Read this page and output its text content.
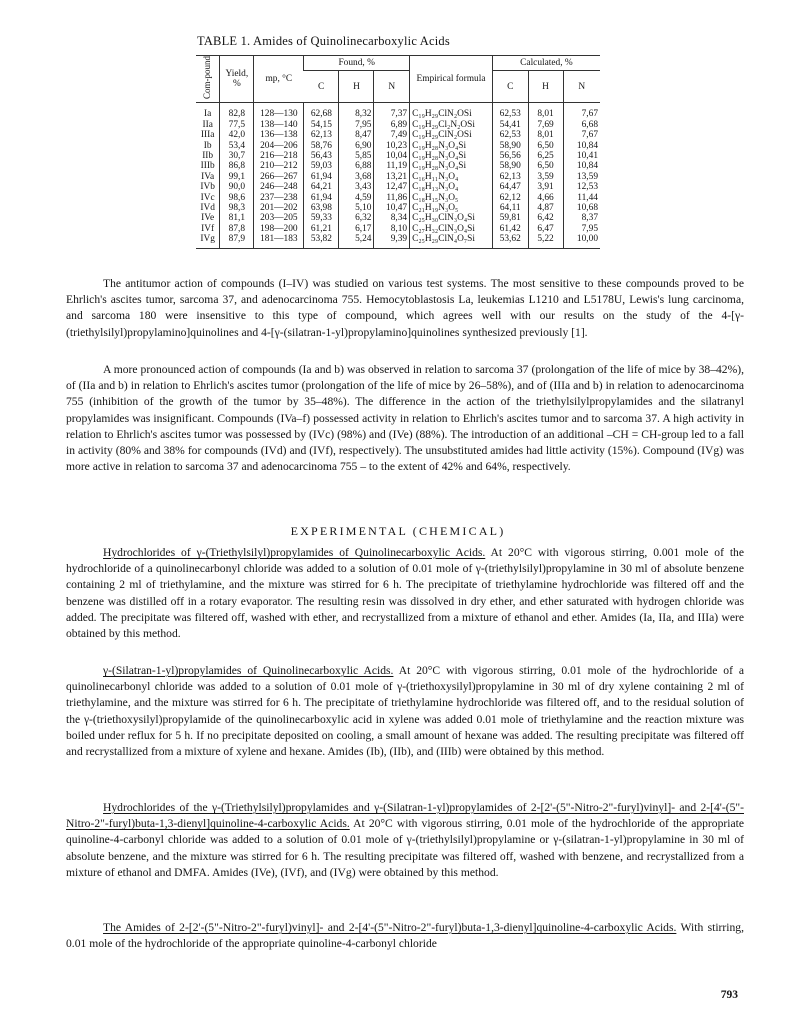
TABLE 1. Amides of Quinolinecarboxylic Acids
Com-pound	Yield, %	mp, °C	Found, %			Empirical formula	Calculated, %		
			C	H	N		C	H	N
Ia	82,8	128—130	62,68	8,32	7,37	C₁₉H₂₉ClN₂OSi	62,53	8,01	7,67
IIa	77,5	138—140	54,15	7,95	6,89	C₁₉H₂₉Cl₂N₂OSi	54,41	7,69	6,68
IIIa	42,0	136—138	62,13	8,47	7,49	C₁₉H₂₉ClN₂OSi	62,53	8,01	7,67
Ib	53,4	204—206	58,76	6,90	10,23	C₁₉H₂₈N₃O₄Si	58,90	6,50	10,84
IIb	30,7	216—218	56,43	5,85	10,04	C₁₉H₂₈N₃O₄Si	56,56	6,25	10,41
IIIb	86,8	210—212	59,03	6,88	11,19	C₁₉H₂₈N₃O₄Si	58,90	6,50	10,84
IVa	99,1	266—267	61,94	3,68	13,21	C₁₆H₁₁N₃O₄	62,13	3,59	13,59
IVb	90,0	246—248	64,21	3,43	12,47	C₁₈H₁₃N₃O₄	64,47	3,91	12,53
IVc	98,6	237—238	61,94	4,59	11,86	C₁₈H₁₅N₃O₅	62,12	4,66	11,44
IVd	98,3	201—202	63,98	5,10	10,47	C₂₁H₁₉N₃O₅	64,11	4,87	10,68
IVe	81,1	203—205	59,33	6,32	8,34	C₂₅H₃₀ClN₃O₄Si	59,81	6,42	8,37
IVf	87,8	198—200	61,21	6,17	8,10	C₂₇H₃₂ClN₃O₄Si	61,42	6,47	7,95
IVg	87,9	181—183	53,82	5,24	9,39	C₂₅H₂₉ClN₄O₇Si	53,62	5,22	10,00

The antitumor action of compounds (I–IV) was studied on various test systems. The most sensitive to these compounds proved to be Ehrlich's ascites tumor, sarcoma 37, and adenocarcinoma 755. Hemocytoblastosis La, leukemias L1210 and L5178U, Lewis's lung carcinoma, and sarcoma 180 were insensitive to this type of compound, which agrees well with our results on the study of the 4-[γ-(triethylsilyl)propylamino]quinolines and 4-[γ-(silatran-1-yl)propylamino]quinolines synthesized previously [1].

A more pronounced action of compounds (Ia and b) was observed in relation to sarcoma 37 (prolongation of the life of mice by 38–42%), of (IIa and b) in relation to Ehrlich's ascites tumor (prolongation of the life of mice by 26–58%), and of (IIIa and b) in relation to adenocarcinoma 755 (inhibition of the growth of the tumor by 35–48%). The difference in the action of the triethylsilylpropylamides and the silatranyl propylamides was insignificant. Compounds (IVa–f) possessed activity in relation to Ehrlich's ascites tumor and to sarcoma 37. A high activity in relation to Ehrlich's ascites tumor was possessed by (IVc) (98%) and (IVe) (88%). The introduction of an additional –CH = CH-group led to a fall in activity (80% and 38% for compounds (IVd) and (IVf), respectively). The unsubstituted amides had little activity (15%). Compound (IVg) was more active in relation to sarcoma 37 and adenocarcinoma 755 – to the extent of 42% and 64%, respectively.

EXPERIMENTAL (CHEMICAL)

Hydrochlorides of γ-(Triethylsilyl)propylamides of Quinolinecarboxylic Acids. At 20°C with vigorous stirring, 0.001 mole of the hydrochloride of a quinolinecarbonyl chloride was added to a solution of 0.01 mole of γ-(triethylsilyl)propylamine in 30 ml of absolute benzene containing 2 ml of triethylamine, and the mixture was stirred for 6 h. The precipitate of triethylamine hydrochloride was filtered off and the benzene was distilled off in a rotary evaporator. The resulting resin was dissolved in dry ether, and ether saturated with hydrogen chloride was added. The precipitate was filtered off, washed with ether, and recrystallized from a mixture of ethanol and ether. Amides (Ia, IIa, and IIIa) were obtained by this method.

γ-(Silatran-1-yl)propylamides of Quinolinecarboxylic Acids. At 20°C with vigorous stirring, 0.01 mole of the hydrochloride of a quinolinecarbonyl chloride was added to a solution of 0.01 mole of γ-(triethoxysilyl)propylamine in 30 ml of dry xylene containing 2 ml of triethylamine, and the mixture was stirred for 6 h. The precipitate of triethylamine hydrochloride was filtered off, and to the residual solution of the γ-(triethoxysilyl)propylamide of the quinolinecarboxylic acid in xylene was added 0.01 mole of triethylamine and the reaction mixture was boiled under reflux for 5 h. If no precipitate deposited on cooling, a small amount of hexane was added. The resulting precipitate was filtered off and recrystallized from a mixture of xylene and hexane. Amides (Ib), (IIb), and (IIIb) were obtained by this method.

Hydrochlorides of the γ-(Triethylsilyl)propylamides and γ-(Silatran-1-yl)propylamides of 2-[2'-(5"-Nitro-2"-furyl)vinyl]- and 2-[4'-(5"-Nitro-2"-furyl)buta-1,3-dienyl]quinoline-4-carboxylic Acids. At 20°C with vigorous stirring, 0.01 mole of the hydrochloride of the appropriate quinoline-4-carbonyl chloride was added to a solution of 0.01 mole of γ-(triethylsilyl)propylamine or γ-(silatran-1-yl)propylamine in 30 ml of absolute benzene, and the mixture was stirred for 6 h. The resulting precipitate was filtered off, washed with benzene, and recrystallized from a mixture of ethanol and DMFA. Amides (IVe), (IVf), and (IVg) were obtained by this method.

The Amides of 2-[2'-(5"-Nitro-2"-furyl)vinyl]- and 2-[4'-(5"-Nitro-2"-furyl)buta-1,3-dienyl]quinoline-4-carboxylic Acids. With stirring, 0.01 mole of the hydrochloride of the appropriate quinoline-4-carbonyl chloride

793
